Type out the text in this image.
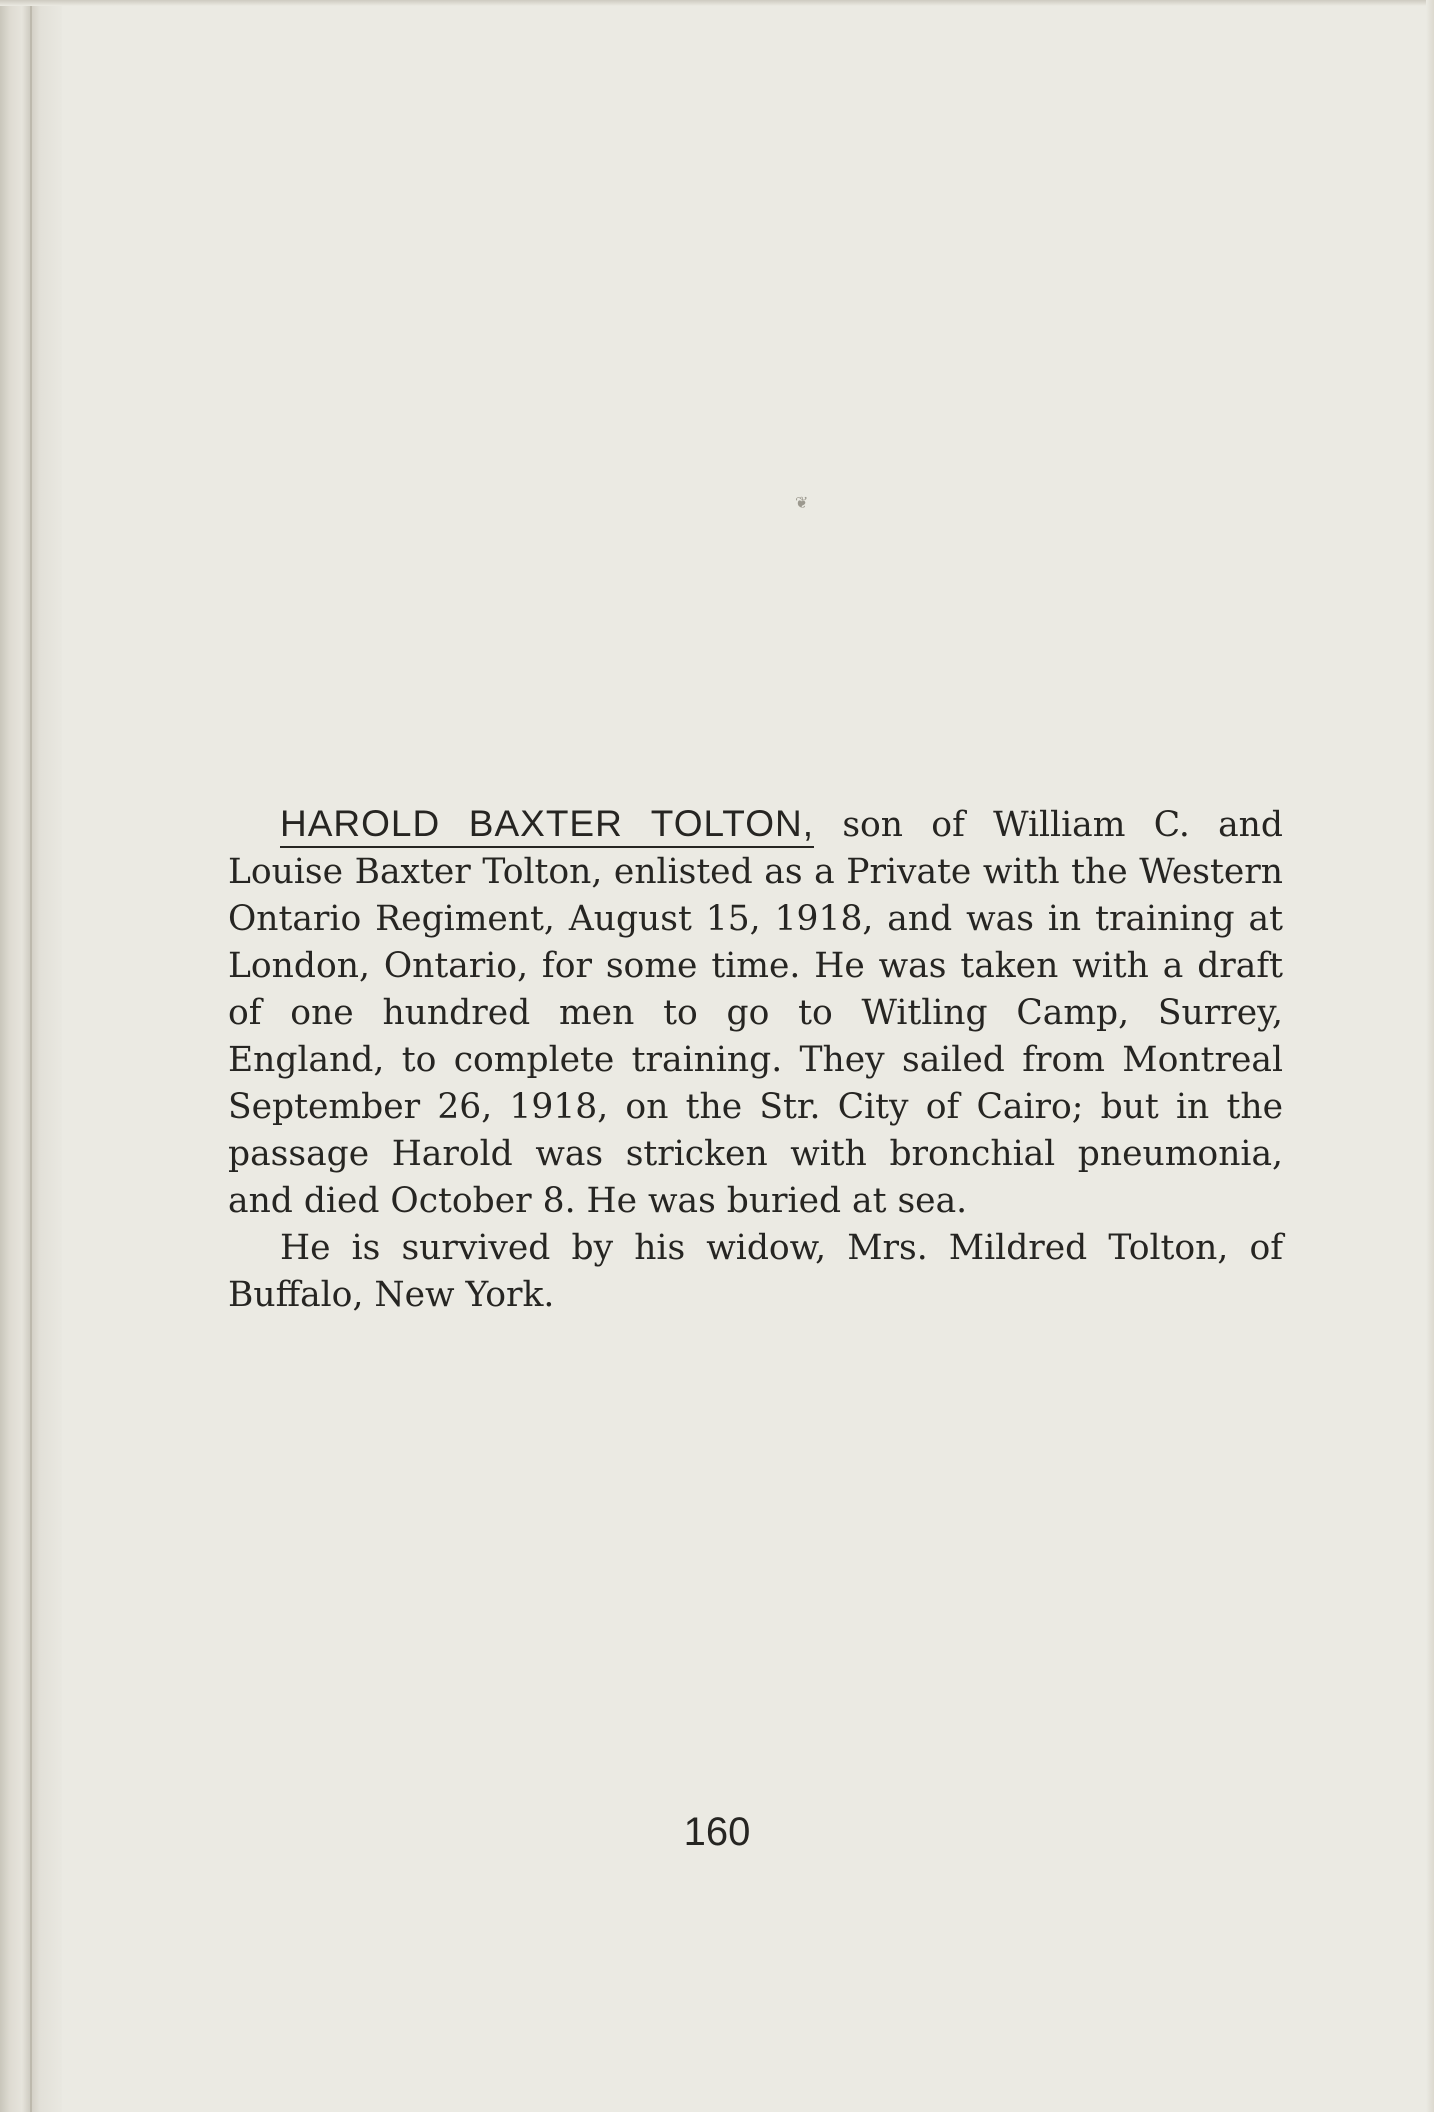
❦

HAROLD BAXTER TOLTON, son of William C. and Louise Baxter Tolton, enlisted as a Private with the Western Ontario Regiment, August 15, 1918, and was in training at London, Ontario, for some time. He was taken with a draft of one hundred men to go to Witling Camp, Surrey, England, to complete training. They sailed from Montreal September 26, 1918, on the Str. City of Cairo; but in the passage Harold was stricken with bronchial pneumonia, and died October 8. He was buried at sea.

He is survived by his widow, Mrs. Mildred Tolton, of Buffalo, New York.

160
